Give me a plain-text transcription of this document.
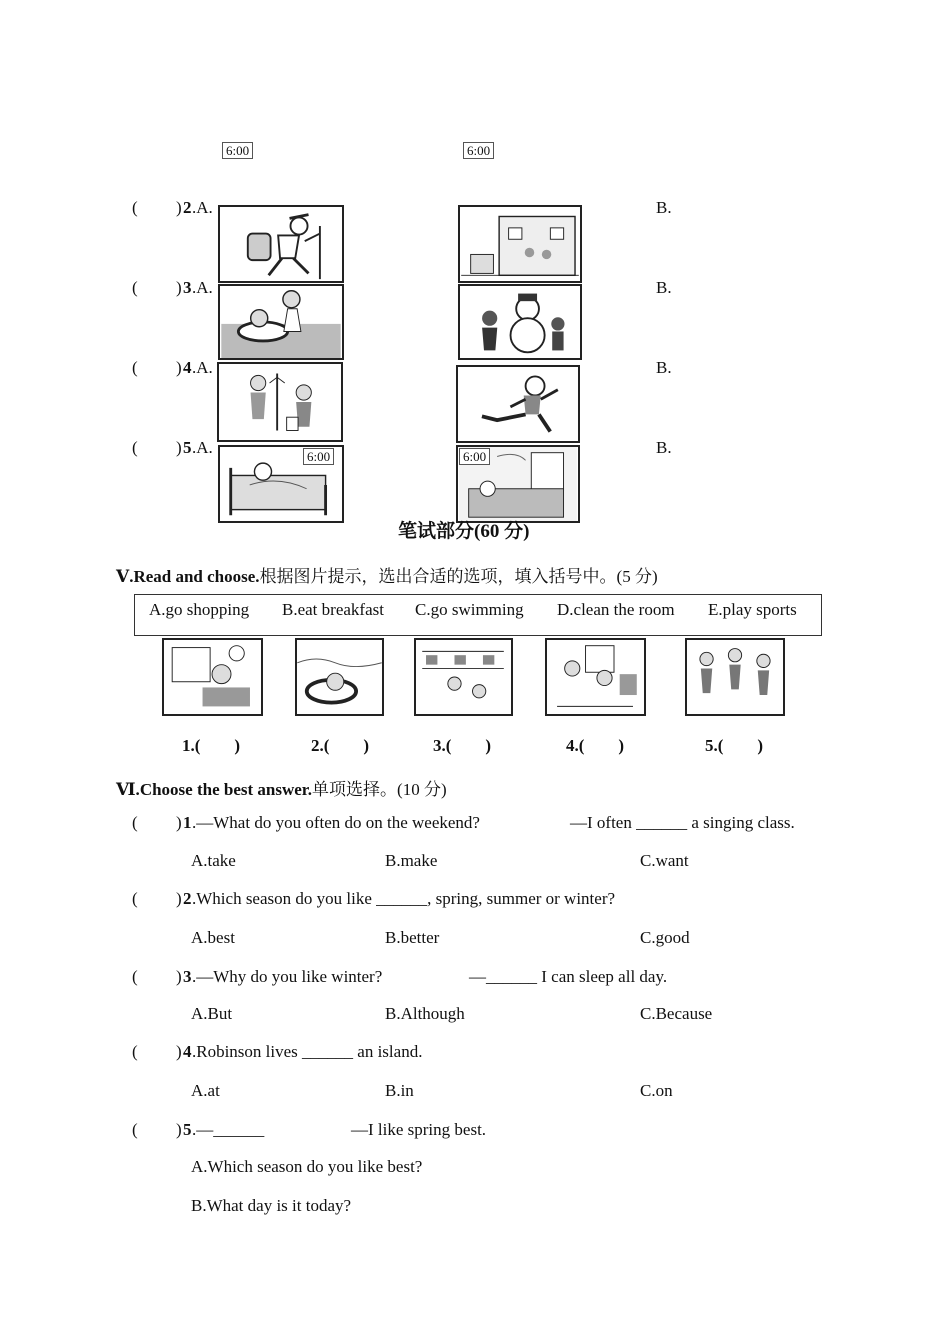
6:00	6:00
( ) 2 .A.	B.
( ) 3 .A.	B.
( ) 4 .A.	B.
( ) 5 .A.	B.
6:00	6:00
笔试部分(60 分)
Ⅴ.Read and choose.根据图片提示，选出合适的选项，填入括号中。(5 分)
A.go shopping B.eat breakfast C.go swimming D.clean the room E.play sports
1.(　　)	2.(　　)	3.(　　)	4.(　　)	5.(　　)
Ⅵ.Choose the best answer.单项选择。(10 分)
( ) 1 .—What do you often do on the weekend?	—I often ______ a singing class.
A.take	B.make	C.want
( ) 2 .Which season do you like ______, spring, summer or winter?
A.best	B.better	C.good
( ) 3 .—Why do you like winter?	—______ I can sleep all day.
A.But	B.Although	C.Because
( ) 4 .Robinson lives ______ an island.
A.at	B.in	C.on
( ) 5 .—______	—I like spring best.
A.Which season do you like best?
B.What day is it today?
